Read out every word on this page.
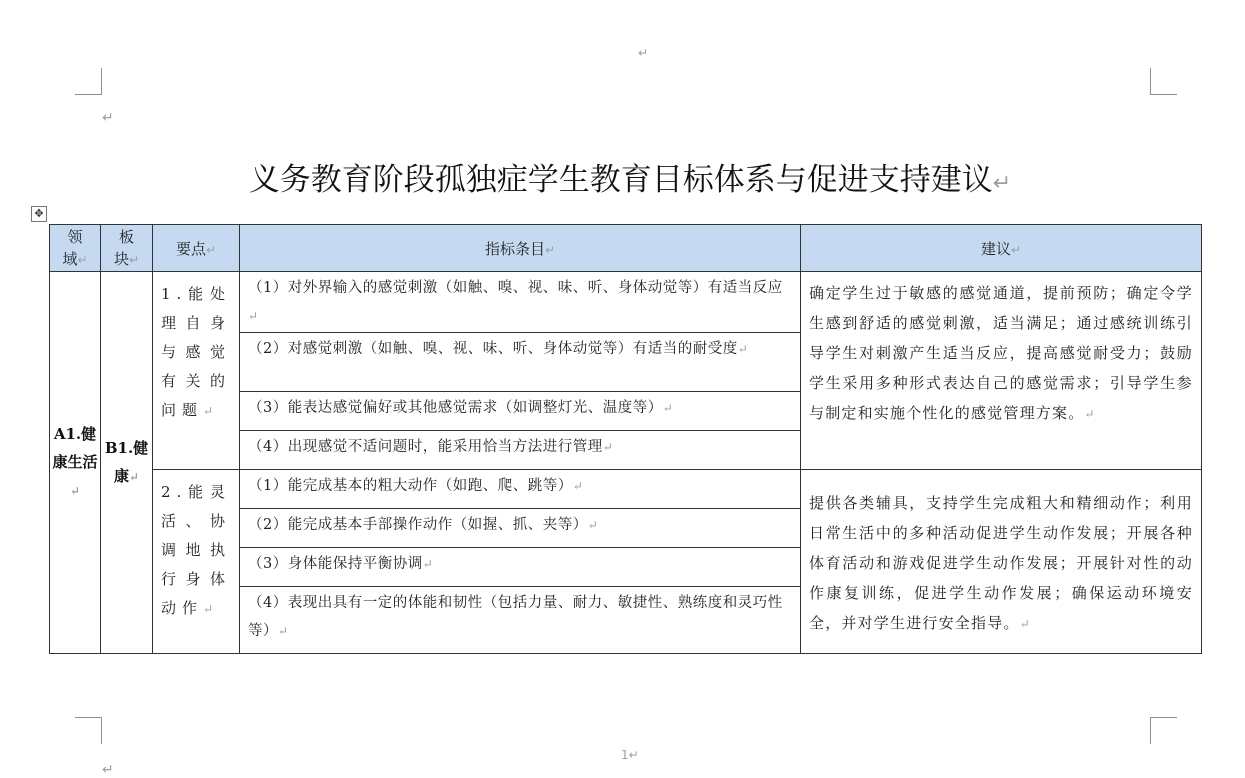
↵
↵
义务教育阶段孤独症学生教育目标体系与促进支持建议↵
✥
领
域↵	板
块↵	要点↵	指标条目↵	建议↵
A1.健康生活↵	B1.健康↵	1.能处理自身与感觉有关的问题↵	（1）对外界输入的感觉刺激（如触、嗅、视、味、听、身体动觉等）有适当反应↵	确定学生过于敏感的感觉通道，提前预防；确定令学生感到舒适的感觉刺激，适当满足；通过感统训练引导学生对刺激产生适当反应，提高感觉耐受力；鼓励学生采用多种形式表达自己的感觉需求；引导学生参与制定和实施个性化的感觉管理方案。↵
			（2）对感觉刺激（如触、嗅、视、味、听、身体动觉等）有适当的耐受度↵	
			（3）能表达感觉偏好或其他感觉需求（如调整灯光、温度等）↵	
			（4）出现感觉不适问题时，能采用恰当方法进行管理↵	
		2.能灵活、协调地执行身体动作↵	（1）能完成基本的粗大动作（如跑、爬、跳等）↵	提供各类辅具，支持学生完成粗大和精细动作；利用日常生活中的多种活动促进学生动作发展；开展各种体育活动和游戏促进学生动作发展；开展针对性的动作康复训练，促进学生动作发展；确保运动环境安全，并对学生进行安全指导。↵
			（2）能完成基本手部操作动作（如握、抓、夹等）↵	
			（3）身体能保持平衡协调↵	
			（4）表现出具有一定的体能和韧性（包括力量、耐力、敏捷性、熟练度和灵巧性等）↵	
1↵
↵
